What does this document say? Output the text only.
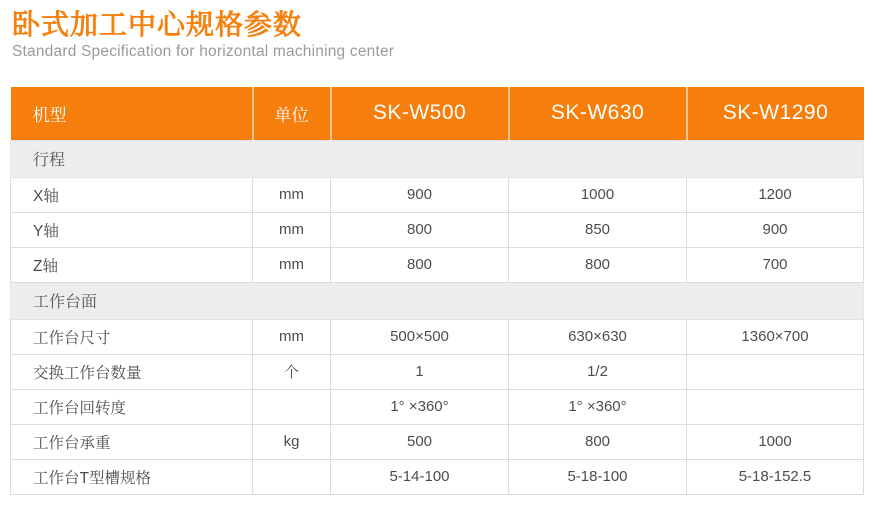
卧式加工中心规格参数
Standard Specification for horizontal machining center
机型	单位	SK-W500	SK-W630	SK-W1290
行程				
X轴	mm	900	1000	1200
Y轴	mm	800	850	900
Z轴	mm	800	800	700
工作台面				
工作台尺寸	mm	500×500	630×630	1360×700
交换工作台数量	个	1	1/2	
工作台回转度		1° ×360°	1° ×360°	
工作台承重	kg	500	800	1000
工作台T型槽规格		5-14-100	5-18-100	5-18-152.5
